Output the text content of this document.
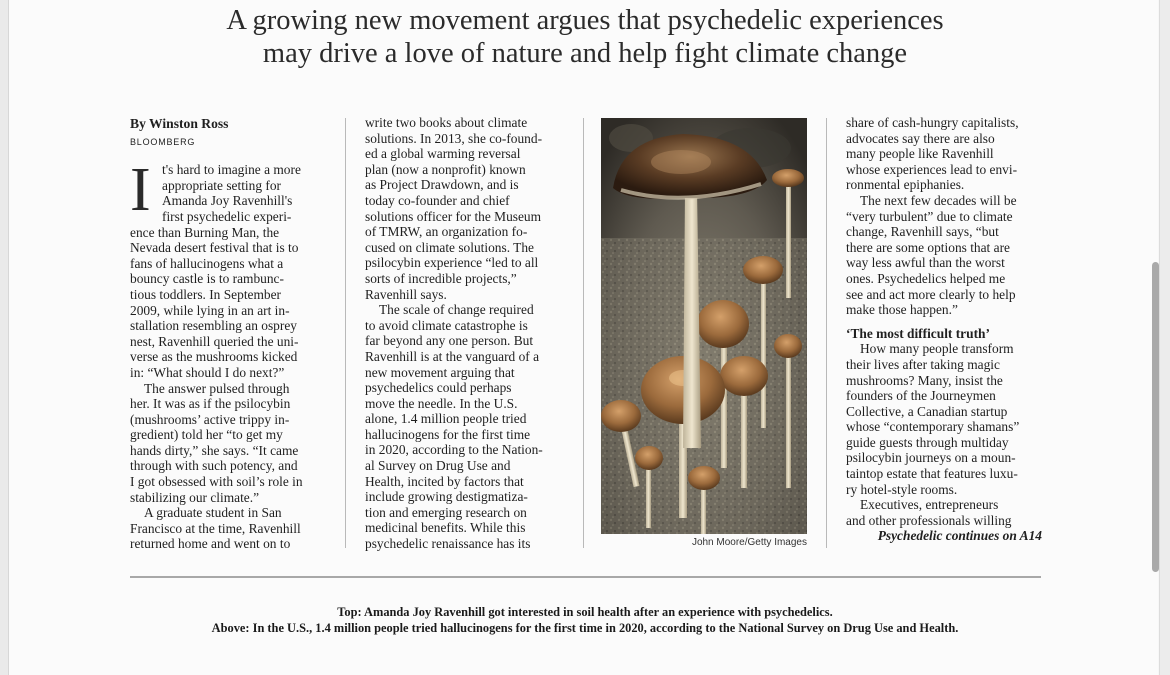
A growing new movement argues that psychedelic experiences
may drive a love of nature and help fight climate change
By Winston Ross
BLOOMBERG
I t's hard to imagine a more
appropriate setting for
Amanda Joy Ravenhill's
first psychedelic experi-
ence than Burning Man, the
Nevada desert festival that is to
fans of hallucinogens what a
bouncy castle is to rambunc-
tious toddlers. In September
2009, while lying in an art in-
stallation resembling an osprey
nest, Ravenhill queried the uni-
verse as the mushrooms kicked
in: “What should I do next?”
The answer pulsed through
her. It was as if the psilocybin
(mushrooms’ active trippy in-
gredient) told her “to get my
hands dirty,” she says. “It came
through with such potency, and
I got obsessed with soil’s role in
stabilizing our climate.”
A graduate student in San
Francisco at the time, Ravenhill
returned home and went on to
write two books about climate
solutions. In 2013, she co-found-
ed a global warming reversal
plan (now a nonprofit) known
as Project Drawdown, and is
today co-founder and chief
solutions officer for the Museum
of TMRW, an organization fo-
cused on climate solutions. The
psilocybin experience “led to all
sorts of incredible projects,”
Ravenhill says.
The scale of change required
to avoid climate catastrophe is
far beyond any one person. But
Ravenhill is at the vanguard of a
new movement arguing that
psychedelics could perhaps
move the needle. In the U.S.
alone, 1.4 million people tried
hallucinogens for the first time
in 2020, according to the Nation-
al Survey on Drug Use and
Health, incited by factors that
include growing destigmatiza-
tion and emerging research on
medicinal benefits. While this
psychedelic renaissance has its	John Moore/Getty Images
share of cash-hungry capitalists,
advocates say there are also
many people like Ravenhill
whose experiences lead to envi-
ronmental epiphanies.
The next few decades will be
“very turbulent” due to climate
change, Ravenhill says, “but
there are some options that are
way less awful than the worst
ones. Psychedelics helped me
see and act more clearly to help
make those happen.”
‘The most difficult truth’
How many people transform
their lives after taking magic
mushrooms? Many, insist the
founders of the Journeymen
Collective, a Canadian startup
whose “contemporary shamans”
guide guests through multiday
psilocybin journeys on a moun-
taintop estate that features luxu-
ry hotel-style rooms.
Executives, entrepreneurs
and other professionals willing
Psychedelic continues on A14
Top: Amanda Joy Ravenhill got interested in soil health after an experience with psychedelics.
Above: In the U.S., 1.4 million people tried hallucinogens for the first time in 2020, according to the National Survey on Drug Use and Health.
